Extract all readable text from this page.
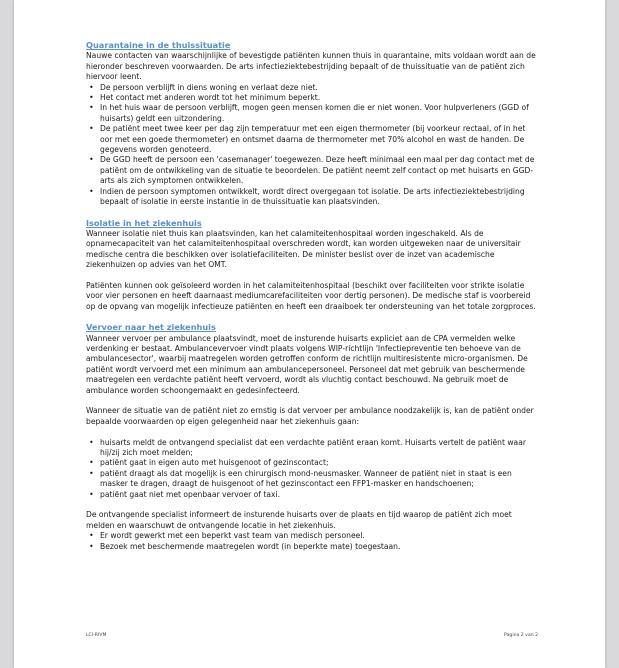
Quarantaine in de thuissituatie

Nauwe contacten van waarschijnlijke of bevestigde patiënten kunnen thuis in quarantaine, mits voldaan wordt aan de hieronder beschreven voorwaarden. De arts infectieziektebestrijding bepaalt of de thuissituatie van de patiënt zich hiervoor leent.

• De persoon verblijft in diens woning en verlaat deze niet.
• Het contact met anderen wordt tot het minimum beperkt.
• In het huis waar de persoon verblijft, mogen geen mensen komen die er niet wonen. Voor hulpverleners (GGD of huisarts) geldt een uitzondering.
• De patiënt meet twee keer per dag zijn temperatuur met een eigen thermometer (bij voorkeur rectaal, of in het oor met een goede thermometer) en ontsmet daarna de thermometer met 70% alcohol en wast de handen. De gegevens worden genoteerd.
• De GGD heeft de persoon een 'casemanager' toegewezen. Deze heeft minimaal een maal per dag contact met de patiënt om de ontwikkeling van de situatie te beoordelen. De patiënt neemt zelf contact op met huisarts en GGD-arts als zich symptomen ontwikkelen.
• Indien de persoon symptomen ontwikkelt, wordt direct overgegaan tot isolatie. De arts infectieziektebestrijding bepaalt of isolatie in eerste instantie in de thuissituatie kan plaatsvinden.
Isolatie in het ziekenhuis

Wanneer isolatie niet thuis kan plaatsvinden, kan het calamiteitenhospitaal worden ingeschakeld. Als de opnamecapaciteit van het calamiteitenhospitaal overschreden wordt, kan worden uitgeweken naar de universitair medische centra die beschikken over isolatiefaciliteiten. De minister beslist over de inzet van academische ziekenhuizen op advies van het OMT.

Patiënten kunnen ook geïsoleerd worden in het calamiteitenhospitaal (beschikt over faciliteiten voor strikte isolatie voor vier personen en heeft daarnaast mediumcarefaciliteiten voor dertig personen). De medische staf is voorbereid op de opvang van mogelijk infectieuze patiënten en heeft een draaiboek ter ondersteuning van het totale zorgproces.

Vervoer naar het ziekenhuis

Wanneer vervoer per ambulance plaatsvindt, moet de insturende huisarts expliciet aan de CPA vermelden welke verdenking er bestaat. Ambulancevervoer vindt plaats volgens WIP-richtlijn 'Infectiepreventie ten behoeve van de ambulancesector', waarbij maatregelen worden getroffen conform de richtlijn multiresistente micro-organismen. De patiënt wordt vervoerd met een minimum aan ambulancepersoneel. Personeel dat met gebruik van beschermende maatregelen een verdachte patiënt heeft vervoerd, wordt als vluchtig contact beschouwd. Na gebruik moet de ambulance worden schoongemaakt en gedesinfecteerd.

Wanneer de situatie van de patiënt niet zo ernstig is dat vervoer per ambulance noodzakelijk is, kan de patiënt onder bepaalde voorwaarden op eigen gelegenheid naar het ziekenhuis gaan:

• huisarts meldt de ontvangend specialist dat een verdachte patiënt eraan komt. Huisarts vertelt de patiënt waar hij/zij zich moet melden;
• patiënt gaat in eigen auto met huisgenoot of gezinscontact;
• patiënt draagt als dat mogelijk is een chirurgisch mond-neusmasker. Wanneer de patiënt niet in staat is een masker te dragen, draagt de huisgenoot of het gezinscontact een FFP1-masker en handschoenen;
• patiënt gaat niet met openbaar vervoer of taxi.

De ontvangende specialist informeert de insturende huisarts over de plaats en tijd waarop de patiënt zich moet melden en waarschuwt de ontvangende locatie in het ziekenhuis.

• Er wordt gewerkt met een beperkt vast team van medisch personeel.
• Bezoek met beschermende maatregelen wordt (in beperkte mate) toegestaan.
LCI-RIVM	Pagina 2 van 2
